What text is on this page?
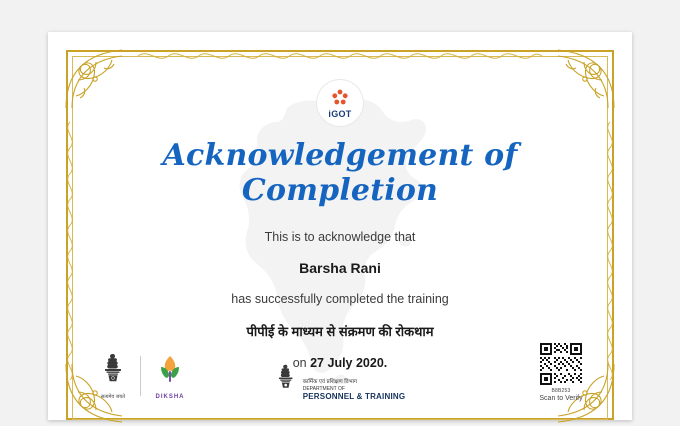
iGOT
Acknowledgement of Completion

This is to acknowledge that

Barsha Rani

has successfully completed the training

पीपीई के माध्यम से संक्रमण की रोकथाम

on 27 July 2020.

सत्यमेव जयते	DIKSHA
कार्मिक एवं प्रशिक्षण विभाग
DEPARTMENT OF
PERSONNEL & TRAINING
B8B253
Scan to Verify
